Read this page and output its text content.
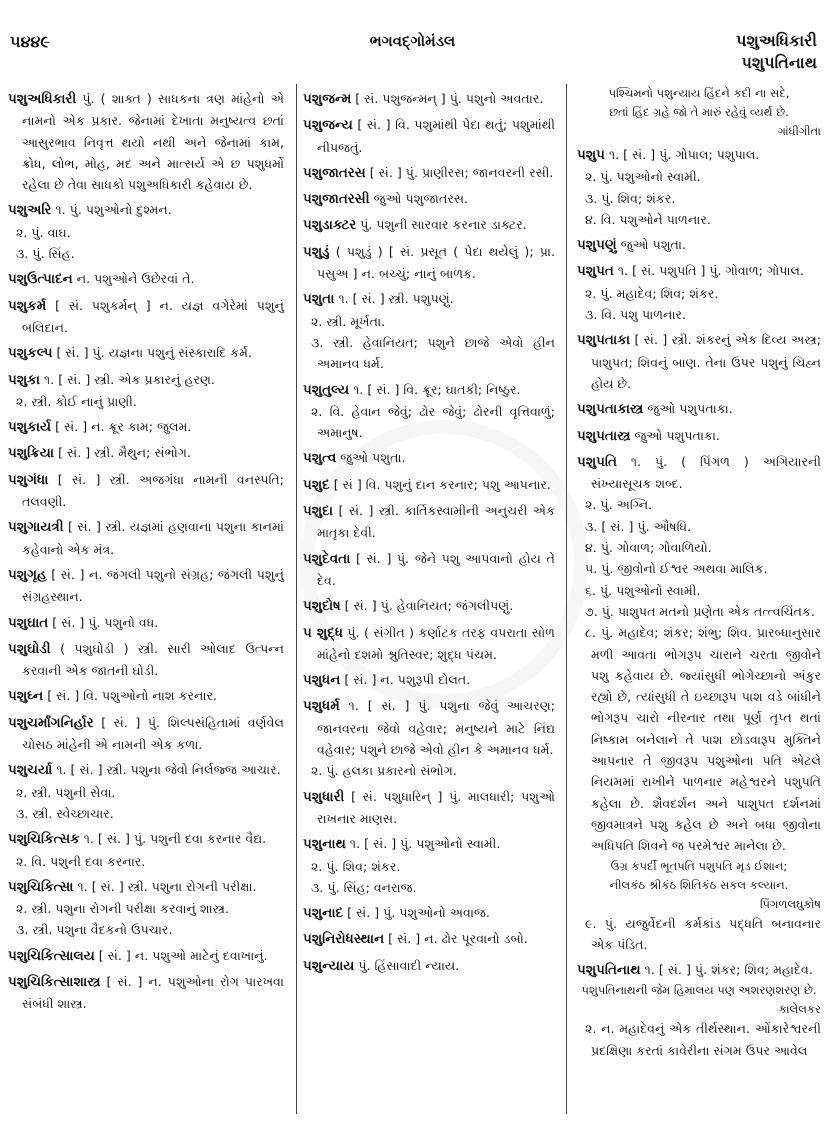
૫૪૪૯	ભગવદ્ગોમંડલ	પશુઅધિકારી
પશુપતિનાથ
પશુઅધિકારી પું. ( શાક્ત ) સાધકના ત્રણ માંહેનો એ નામનો એક પ્રકાર. જેનામાં દેખાતા મનુષ્યત્વ છતાં આસુરભાવ નિવૃત્ત થયો નથી અને જેનામાં કામ, ક્રોધ, લોભ, મોહ, મદ અને માત્સર્ય એ છ પશુધર્મો રહેલા છે તેવા સાધકો પશુઅધિકારી કહેવાય છે.
પશુઅરિ ૧. પું. પશુઓનો દુશ્મન.
૨. પું. વાઘ.
૩. પું. સિંહ.
પશુઉત્પાદન ન. પશુઓને ઉછેરવાં તે.
પશુકર્મ [ સં. પશુકર્મન્ ] ન. યજ્ઞ વગેરેમાં પશુનું બલિદાન.
પશુકલ્પ [ સં. ] પું. યજ્ઞના પશુનું સંસ્કારાદિ કર્મ.
પશુકા ૧. [ સં. ] સ્ત્રી. એક પ્રકારનું હરણ.
૨. સ્ત્રી. કોઈ નાનું પ્રાણી.
પશુકાર્ય [ સં. ] ન. ક્રૂર કામ; જુલમ.
પશુક્રિયા [ સં. ] સ્ત્રી. મૈથુન; સંભોગ.
પશુગંધા [ સં. ] સ્ત્રી. અજગંધા નામની વનસ્પતિ; તલવણી.
પશુગાયત્રી [ સં. ] સ્ત્રી. યજ્ઞમાં હણવાના પશુના કાનમાં કહેવાનો એક મંત્ર.
પશુગૃહ [ સં. ] ન. જંગલી પશુનો સંગ્રહ; જંગલી પશુનું સંગ્રહસ્થાન.
પશુઘાત [ સં. ] પું. પશુનો વધ.
પશુઘોડી ( પશુઘોડી ) સ્ત્રી. સારી ઓલાદ ઉત્પન્ન કરવાની એક જાતની ઘોડી.
પશુઘ્ન [ સં. ] વિ. પશુઓનો નાશ કરનાર.
પશુચર્માંગનિર્હાર [ સં. ] પું. શિલ્પસંહિતામાં વર્ણવેલ ચોસઠ માંહેની એ નામની એક કળા.
પશુચર્યા ૧. [ સં. ] સ્ત્રી. પશુના જેવો નિર્લજ્જ આચાર.
૨. સ્ત્રી. પશુની સેવા.
૩. સ્ત્રી. સ્વેચ્છાચાર.
પશુચિકિત્સક ૧. [ સં. ] પું. પશુની દવા કરનાર વૈદ્ય.
૨. વિ. પશુની દવા કરનાર.
પશુચિકિત્સા ૧. [ સં. ] સ્ત્રી. પશુના રોગની પરીક્ષા.
૨. સ્ત્રી. પશુના રોગની પરીક્ષા કરવાનું શાસ્ત્ર.
૩. સ્ત્રી. પશુના વૈદકનો ઉપચાર.
પશુચિકિત્સાલય [ સં. ] ન. પશુઓ માટેનું દવાખાનું.
પશુચિકિત્સાશાસ્ત્ર [ સં. ] ન. પશુઓના રોગ પારખવા સંબંધી શાસ્ત્ર.
પશુજન્મ [ સં. પશુજન્મન્ ] પું. પશુનો અવતાર.
પશુજન્ય [ સં. ] વિ. પશુમાંથી પેદા થતું; પશુમાંથી નીપજતું.
પશુજાતરસ [ સં. ] પું. પ્રાણીરસ; જાનવરની રસી.
પશુજાતરસી જુઓ પશુજાતરસ.
પશુડાક્ટર પું. પશુની સારવાર કરનાર ડાક્ટર.
પશુડું ( પશુડું ) [ સં. પ્રસૂત ( પેદા થયેલું ); પ્રા. પસુઅ ] ન. બચ્ચું; નાનું બાળક.
પશુતા ૧. [ સં. ] સ્ત્રી. પશુપણું.
૨. સ્ત્રી. મૂર્ખતા.
૩. સ્ત્રી. હેવાનિયત; પશુને છાજે એવો હીન અમાનવ ધર્મ.
પશુતુલ્ય ૧. [ સં. ] વિ. ક્રૂર; ઘાતકી; નિષ્ઠુર.
૨. વિ. હેવાન જેવું; ઢોર જેવું; ઢોરની વૃત્તિવાળું; અમાનુષ.
પશુત્વ જુઓ પશુતા.
પશુદ [ સં ] વિ. પશુનું દાન કરનાર; પશુ આપનાર.
પશુદા [ સં. ] સ્ત્રી. કાર્તિકસ્વામીની અનુચરી એક માતૃકા દેવી.
પશુદેવતા [ સં. ] પું. જેને પશુ આપવાનો હોય તે દેવ.
પશુદોષ [ સં. ] પું. હેવાનિયત; જંગલીપણું.
પ શુદ્ધ પું. ( સંગીત ) કર્ણાટક તરફ વપરાતા સોળ માંહેનો દશમો શ્રુતિસ્વર; શુદ્ધ પંચમ.
પશુધન [ સં. ] ન. પશુરૂપી દોલત.
પશુધર્મ ૧. [ સં. ] પું. પશુના જેવું આચરણ; જાનવરના જેવો વહેવાર; મનુષ્યને માટે નિંદ્ય વહેવાર; પશુને છાજે એવો હીન કે અમાનવ ધર્મ.
૨. પું. હલકા પ્રકારનો સંભોગ.
પશુધારી [ સં. પશુધારિન્ ] પું. માલધારી; પશુઓ રાખનાર માણસ.
પશુનાથ ૧. [ સં. ] પું. પશુઓનો સ્વામી.
૨. પું. શિવ; શંકર.
૩. પું. સિંહ; વનરાજ.
પશુનાદ [ સં. ] પું. પશુઓનો અવાજ.
પશુનિરોધસ્થાન [ સં. ] ન. ઢોર પૂરવાનો ડબો.
પશુન્યાય પું. હિંસાવાદી ન્યાય.
પશ્ચિમનો પશુન્યાય હિંદને કદી ના સદે,
છતાં હિંદ ગ્રહે જો તે મારું રહેવું વ્યર્થ છે.
ગાંધીગીતા
પશુપ ૧. [ સં. ] પું. ગોપાલ; પશુપાલ.
૨. પું. પશુઓનો સ્વામી.
૩. પું. શિવ; શંકર.
૪. વિ. પશુઓને પાળનાર.
પશુપણું જુઓ પશુતા.
પશુપત ૧. [ સં. પશુપતિ ] પું. ગોવાળ; ગોપાલ.
૨. પું. મહાદેવ; શિવ; શંકર.
૩. વિ. પશુ પાળનાર.
પશુપતાકા [ સં. ] સ્ત્રી. શંકરનું એક દિવ્ય અસ્ત્ર; પાશુપત; શિવનું બાણ. તેના ઉપર પશુનું ચિહ્ન હોય છે.
પશુપતાકાસ્ત્ર જુઓ પશુપતાકા.
પશુપતાસ્ત્ર જુઓ પશુપતાકા.
પશુપતિ ૧. પું. ( પિંગળ ) અગિયારની સંખ્યાસૂચક શબ્દ.
૨. પું. અગ્નિ.
૩. [ સં. ] પું. ઔષધિ.
૪. પું. ગોવાળ; ગોવાળિયો.
૫. પું. જીવોનો ઈશ્વર અથવા માલિક.
૬. પું. પશુઓનો સ્વામી.
૭. પું. પાશુપત મતનો પ્રણેતા એક તત્ત્વચિંતક.
૮. પું. મહાદેવ; શંકર; શંભુ; શિવ. પ્રારબ્ધાનુસાર મળી આવતા ભોગરૂપ ચારાને ચરતા જીવોને પશુ કહેવાય છે. જ્યાંસુધી ભોગેચ્છાનો અંકુર રહ્યો છે, ત્યાંસુધી તે ઇચ્છારૂપ પાશ વડે બાંધીને ભોગરૂપ ચારો નીરનાર તથા પૂર્ણ તૃપ્ત થતાં નિષ્કામ બનેલાને તે પાશ છોડવારૂપ મુક્તિને આપનાર તે જીવરૂપ પશુઓના પતિ એટલે નિયમમાં રાખીને પાળનાર મહેશ્વરને પશુપતિ કહેલા છે. શૈવદર્શન અને પાશુપત દર્શનમાં જીવમાત્રને પશુ કહેલ છે અને બધા જીવોના અધિપતિ શિવને જ પરમેશ્વર માનેલા છે.
ઉગ્ર કપર્દી ભૂતપતિ પશુપતિ મૃડ ઈશાન;
નીલકંઠ શ્રીકંઠ શિતિકંઠ સકલ કલ્યાન.
પિંગળલઘુકોષ
૯. પું. યજુર્વેદની કર્મકાંડ પદ્ધતિ બનાવનાર એક પંડિત.
પશુપતિનાથ ૧. [ સં. ] પું. શંકર; શિવ; મહાદેવ.
પશુપતિનાથની જેમ હિમાલય પણ અશરણશરણ છે.
કાલેલકર
૨. ન. મહાદેવનું એક તીર્થસ્થાન. ઓંકારેશ્વરની પ્રદક્ષિણા કરતાં કાવેરીના સંગમ ઉપર આવેલ
